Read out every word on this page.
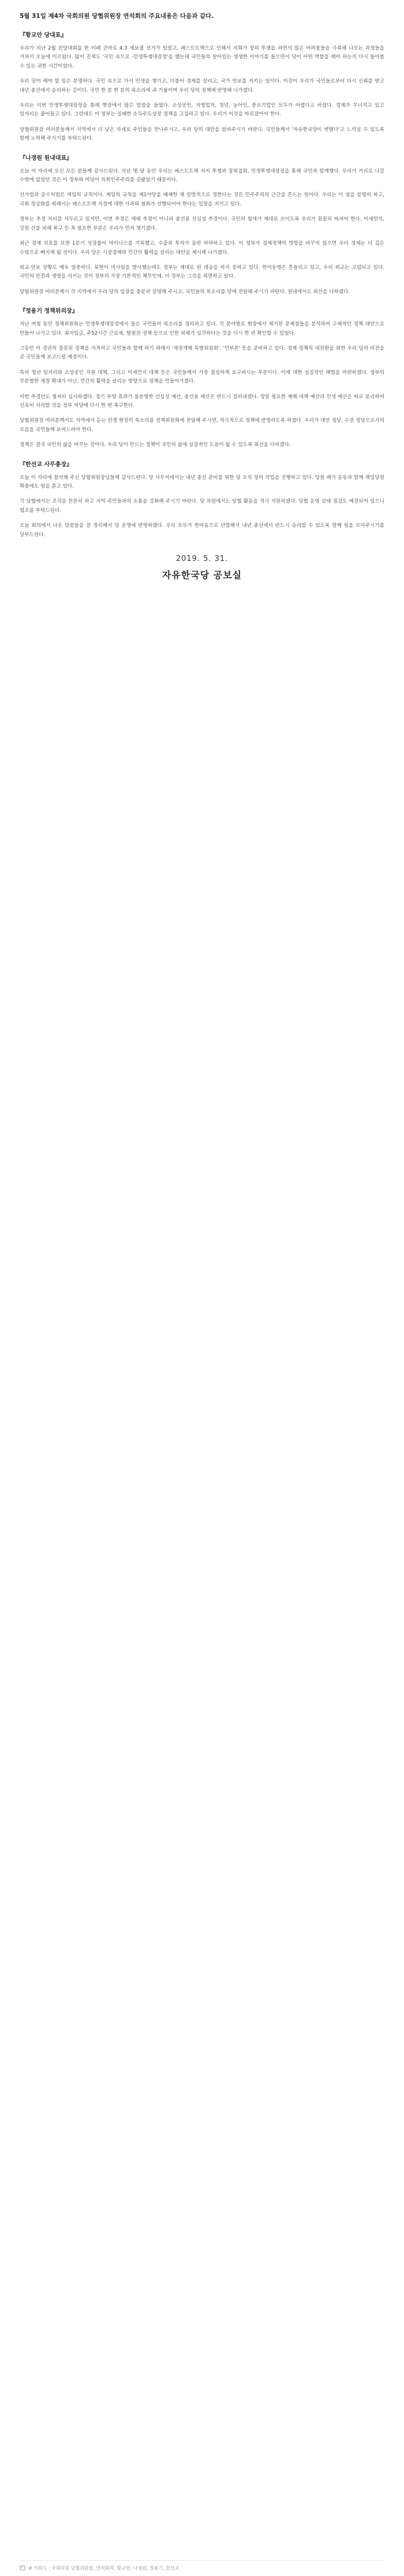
5월 31일 제4차 국회의원 당협위원장 연석회의 주요내용은 다음과 같다.
『황교안 당대표』

우리가 지난 2월 전당대회를 한 이래 곧바로 4.3 재보궐 선거가 있었고, 패스트트랙으로 인해서 저희가 장외 투쟁을 하면서 많은 어려움들을 극복해 나오는 과정들을 거쳐서 오늘에 이르렀다. 많이 진척도 '국민 속으로 -민생투쟁대장정'을 했는데 국민들의 살아있는 생생한 이야기를 들으면서 당이 어떤 역할을 해야 하는지 다시 돌아볼 수 있는 귀한 시간이었다.

우리 당이 해야 할 일은 분명하다. 국민 속으로 가서 민생을 챙기고, 더불어 경제를 살리고, 국가 안보를 지키는 일이다. 이것이 우리가 국민들로부터 다시 신뢰를 받고 내년 총선에서 승리하는 길이다. 국민 한 분 한 분의 목소리에 귀 기울이며 우리 당의 정책에 반영해 나가겠다.

우리는 이번 민생투쟁대장정을 통해 현장에서 많은 말씀을 들었다. 소상공인, 자영업자, 청년, 농어민, 중소기업인 모두가 어렵다고 하셨다. 경제가 무너지고 있고 일자리는 줄어들고 있다. 그런데도 이 정부는 실패한 소득주도성장 정책을 고집하고 있다. 우리가 이것을 바로잡아야 한다.

당협위원장 여러분들께서 지역에서 더 낮은 자세로 주민들을 만나주시고, 우리 당의 대안을 알려주시기 바란다. 국민들께서 '자유한국당이 변했다'고 느끼실 수 있도록 함께 노력해 주시기를 부탁드린다.

『나경원 원내대표』

오늘 이 자리에 오신 모든 분들께 감사드린다. 지난 몇 달 동안 우리는 패스트트랙 저지 투쟁과 장외집회, 민생투쟁대장정을 통해 국민과 함께했다. 우리가 거리로 나갈 수밖에 없었던 것은 이 정부와 여당이 의회민주주의를 짓밟았기 때문이다.

선거법과 공수처법은 게임의 규칙이다. 게임의 규칙을 제1야당을 배제한 채 일방적으로 정한다는 것은 민주주의의 근간을 흔드는 일이다. 우리는 이 점을 분명히 하고, 국회 정상화를 위해서는 패스트트랙 지정에 대한 사과와 철회가 선행되어야 한다는 입장을 지키고 있다.

정부는 추경 처리를 서두르고 있지만, 이번 추경은 재해 추경이 아니라 총선용 선심성 추경이다. 국민의 혈세가 제대로 쓰이도록 우리가 꼼꼼히 따져야 한다. 미세먼지, 강원 산불 피해 복구 등 꼭 필요한 부분은 우리가 먼저 챙기겠다.

최근 경제 지표를 보면 1분기 성장률이 마이너스를 기록했고, 수출과 투자가 동반 하락하고 있다. 이 정부가 경제정책의 방향을 바꾸지 않으면 우리 경제는 더 깊은 수렁으로 빠지게 될 것이다. 우리 당은 시장경제와 민간의 활력을 살리는 대안을 제시해 나가겠다.

외교·안보 상황도 매우 엄중하다. 북한이 미사일을 발사했는데도 정부는 제대로 된 대응을 하지 못하고 있다. 한미동맹은 흔들리고 있고, 우리 외교는 고립되고 있다. 국민의 안전과 생명을 지키는 것이 정부의 가장 기본적인 책무인데, 이 정부는 그것을 외면하고 있다.

당협위원장 여러분께서 각 지역에서 우리 당의 입장을 충분히 설명해 주시고, 국민들의 목소리를 당에 전달해 주시기 바란다. 원내에서도 최선을 다하겠다.

『정용기 정책위의장』

지난 며칠 동안 정책위원회는 민생투쟁대장정에서 들은 국민들의 목소리를 정리하고 있다. 각 분야별로 현장에서 제기된 문제점들을 분석하여 구체적인 정책 대안으로 만들어 나가고 있다. 최저임금, 주52시간 근로제, 탈원전 정책 등으로 인한 피해가 심각하다는 것을 다시 한 번 확인할 수 있었다.

그동안 이 정권의 잘못된 정책을 지적하고 국민들과 함께 하기 위해서 '재정개혁 특별위원회', '민부론' 등을 준비하고 있다. 경제 정책의 대전환을 위한 우리 당의 비전을 곧 국민들께 보고드릴 예정이다.

특히 청년 일자리와 소상공인 지원 대책, 그리고 미세먼지 대책 등은 국민들께서 가장 절실하게 요구하시는 부분이다. 이에 대한 실질적인 해법을 마련하겠다. 정부의 무분별한 재정 확대가 아닌, 민간의 활력을 살리는 방향으로 정책을 만들어가겠다.

이번 추경안도 철저히 심사하겠다. 경기 부양 효과가 불분명한 선심성 예산, 총선용 예산은 반드시 걸러내겠다. 정말 필요한 재해 대책 예산과 민생 예산은 따로 분리하여 신속히 처리할 것을 정부 여당에 다시 한 번 촉구한다.

당협위원장 여러분께서도 지역에서 듣는 민생 현장의 목소리를 정책위원회에 전달해 주시면, 적극적으로 정책에 반영하도록 하겠다. 우리가 대안 정당, 수권 정당으로서의 모습을 국민들께 보여드려야 한다.

정책은 결국 국민의 삶을 바꾸는 것이다. 우리 당이 만드는 정책이 국민의 삶에 실질적인 도움이 될 수 있도록 최선을 다하겠다.

『한선교 사무총장』

오늘 이 자리에 참석해 주신 당협위원장님들께 감사드린다. 당 사무처에서는 내년 총선 준비를 위한 당 조직 정비 작업을 진행하고 있다. 당원 배가 운동과 함께 책임당원 확충에도 힘을 쏟고 있다.

각 당협에서는 조직을 튼튼히 하고 지역 주민들과의 소통을 강화해 주시기 바란다. 당 차원에서도 당협 활동을 적극 지원하겠다. 당협 운영 실태 점검도 예정되어 있으니 협조를 부탁드린다.

오늘 회의에서 나온 말씀들을 잘 정리해서 당 운영에 반영하겠다. 우리 모두가 한마음으로 단합해서 내년 총선에서 반드시 승리할 수 있도록 함께 힘을 모아주시기를 당부드린다.

2019. 5. 31.
자유한국당 공보실
# 키워드 : 국회의원 당협위원장, 연석회의, 황교안, 나경원, 정용기, 한선교
